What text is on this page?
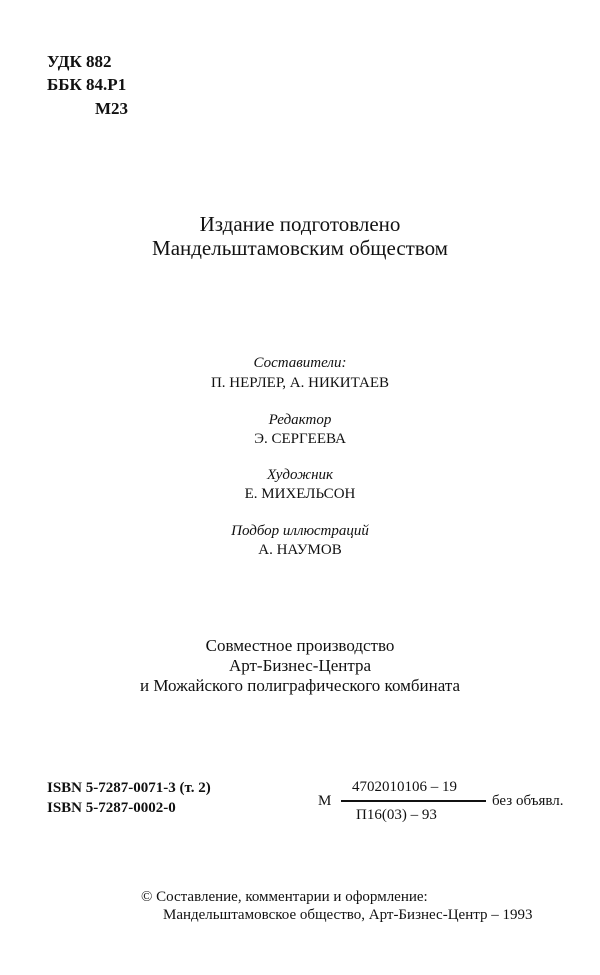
УДК 882
ББК 84.Р1
М23
Издание подготовлено
Мандельштамовским обществом
Составители:
П. НЕРЛЕР, А. НИКИТАЕВ
Редактор
Э. СЕРГЕЕВА
Художник
Е. МИХЕЛЬСОН
Подбор иллюстраций
А. НАУМОВ
Совместное производство
Арт-Бизнес-Центра
и Можайского полиграфического комбината
ISBN 5-7287-0071-3 (т. 2)
ISBN 5-7287-0002-0	М
4702010106 – 19
П16(03) – 93
без объявл.
© Составление, комментарии и оформление:
Мандельштамовское общество, Арт-Бизнес-Центр – 1993
